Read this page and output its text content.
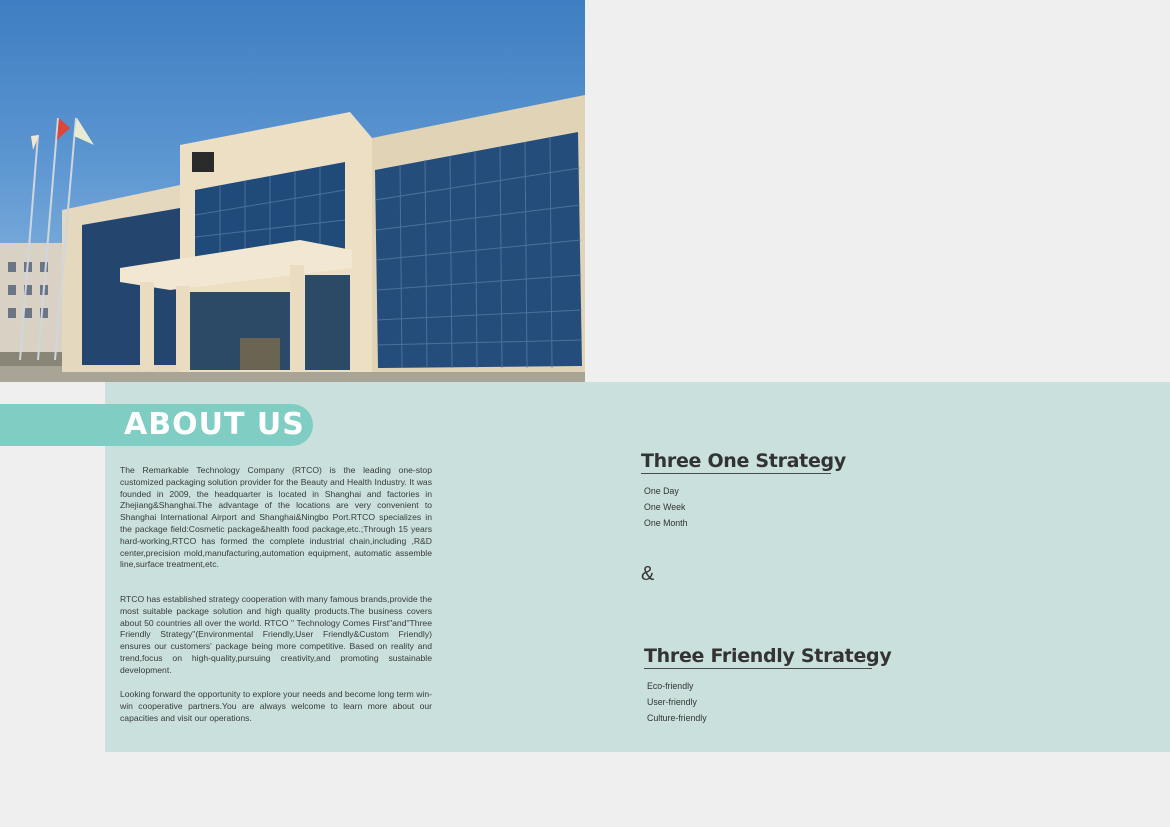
ABOUT US

The Remarkable Technology Company (RTCO) is the leading one-stop customized packaging solution provider for the Beauty and Health Industry. It was founded in 2009, the headquarter is located in Shanghai and factories in Zhejiang&Shanghai.The advantage of the locations are very convenient to Shanghai International Airport and Shanghai&Ningbo Port.RTCO specializes in the package field:Cosmetic package&health food package,etc.;Through 15 years hard-working,RTCO has formed the complete industrial chain,including ,R&D center,precision mold,manufacturing,automation equipment, automatic assemble line,surface treatment,etc.

RTCO has established strategy cooperation with many famous brands,provide the most suitable package solution and high quality products.The business covers about 50 countries all over the world. RTCO " Technology Comes First"and"Three Friendly Strategy"(Environmental Friendly,User Friendly&Custom Friendly) ensures our customers' package being more competitive. Based on reality and trend,focus on high-quality,pursuing creativity,and promoting sustainable development.

Looking forward the opportunity to explore your needs and become long term win-win cooperative partners.You are always welcome to learn more about our capacities and visit our operations.

Three One Strategy
One Day
One Week
One Month

&

Three Friendly Strategy
Eco-friendly
User-friendly
Culture-friendly
